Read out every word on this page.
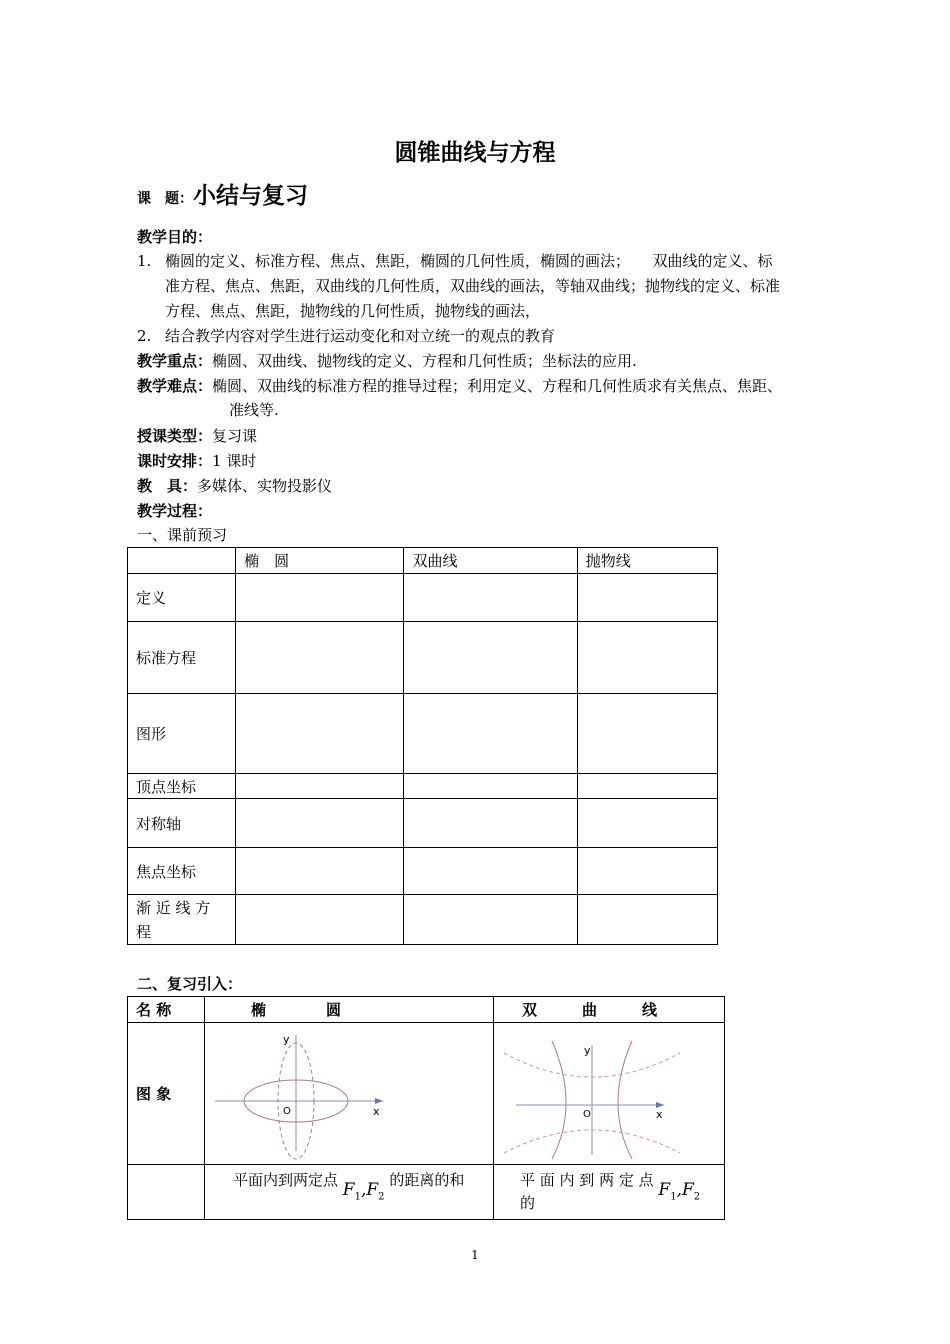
圆锥曲线与方程
课　题：小结与复习
教学目的：
1. 椭圆的定义、标准方程、焦点、焦距，椭圆的几何性质，椭圆的画法；　　双曲线的定义、标
准方程、焦点、焦距，双曲线的几何性质，双曲线的画法，等轴双曲线；抛物线的定义、标准
方程、焦点、焦距，抛物线的几何性质，抛物线的画法，
2. 结合教学内容对学生进行运动变化和对立统一的观点的教育
教学重点：椭圆、双曲线、抛物线的定义、方程和几何性质；坐标法的应用.
教学难点：椭圆、双曲线的标准方程的推导过程；利用定义、方程和几何性质求有关焦点、焦距、
准线等.
授课类型：复习课
课时安排：1 课时
教　具：多媒体、实物投影仪
教学过程：
一、课前预习
	椭　圆	双曲线	抛物线
定义			
标准方程			
图形			
顶点坐标			
对称轴			
焦点坐标			
渐 近 线 方 程			
二、复习引入：
名 称	椭　　　　圆	双　　　曲　　　线
图 象	y
x
O	y
x
O

	平面内到两定点 $F_1,F_2$ 的距离的和	平 面 内 到 两 定 点 $F_1,F_2$ 的
1
